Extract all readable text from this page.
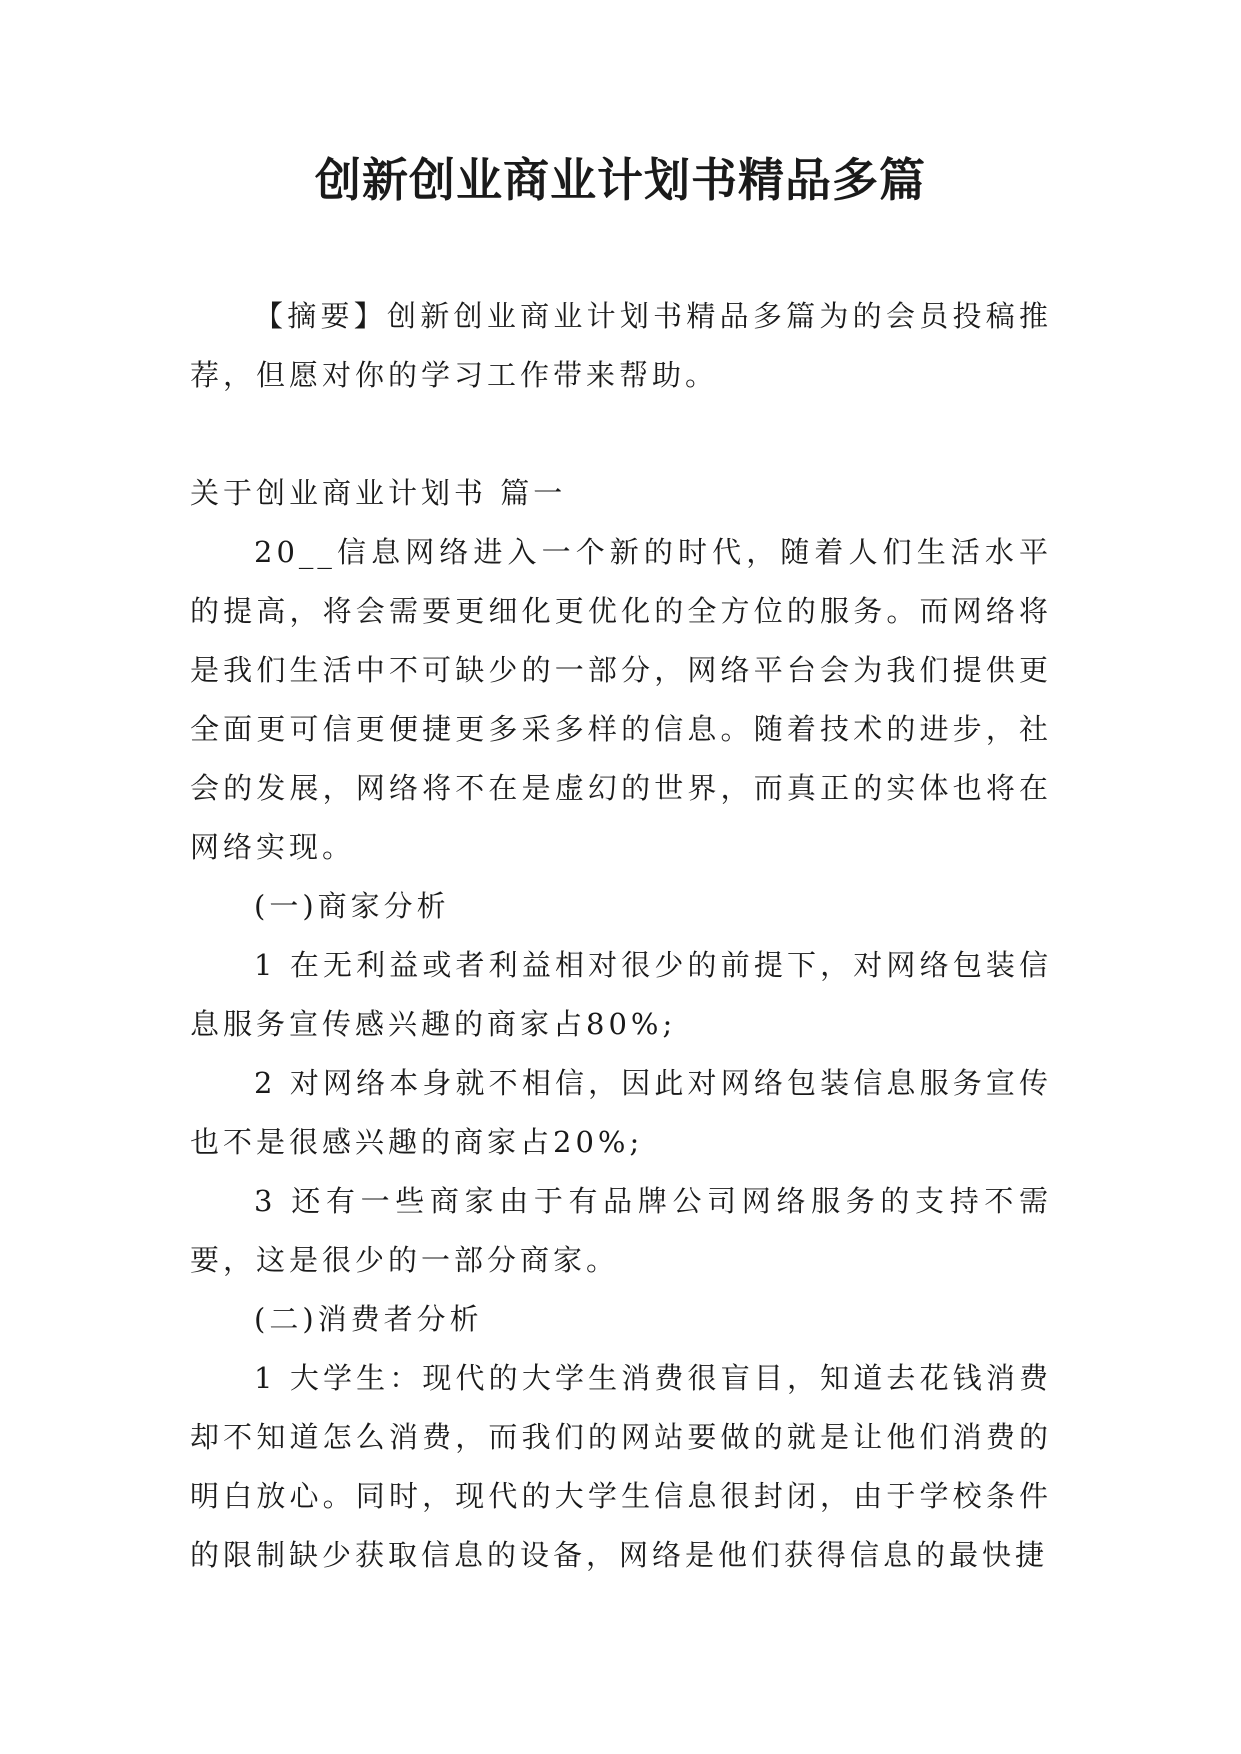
创新创业商业计划书精品多篇

【摘要】创新创业商业计划书精品多篇为的会员投稿推荐，但愿对你的学习工作带来帮助。

关于创业商业计划书 篇一

20__信息网络进入一个新的时代，随着人们生活水平的提高，将会需要更细化更优化的全方位的服务。而网络将是我们生活中不可缺少的一部分，网络平台会为我们提供更全面更可信更便捷更多采多样的信息。随着技术的进步，社会的发展，网络将不在是虚幻的世界，而真正的实体也将在网络实现。

(一)商家分析

1 在无利益或者利益相对很少的前提下，对网络包装信息服务宣传感兴趣的商家占80%;

2 对网络本身就不相信，因此对网络包装信息服务宣传也不是很感兴趣的商家占20%;

3 还有一些商家由于有品牌公司网络服务的支持不需要，这是很少的一部分商家。

(二)消费者分析

1 大学生：现代的大学生消费很盲目，知道去花钱消费却不知道怎么消费，而我们的网站要做的就是让他们消费的明白放心。同时，现代的大学生信息很封闭，由于学校条件的限制缺少获取信息的设备，网络是他们获得信息的最快捷
